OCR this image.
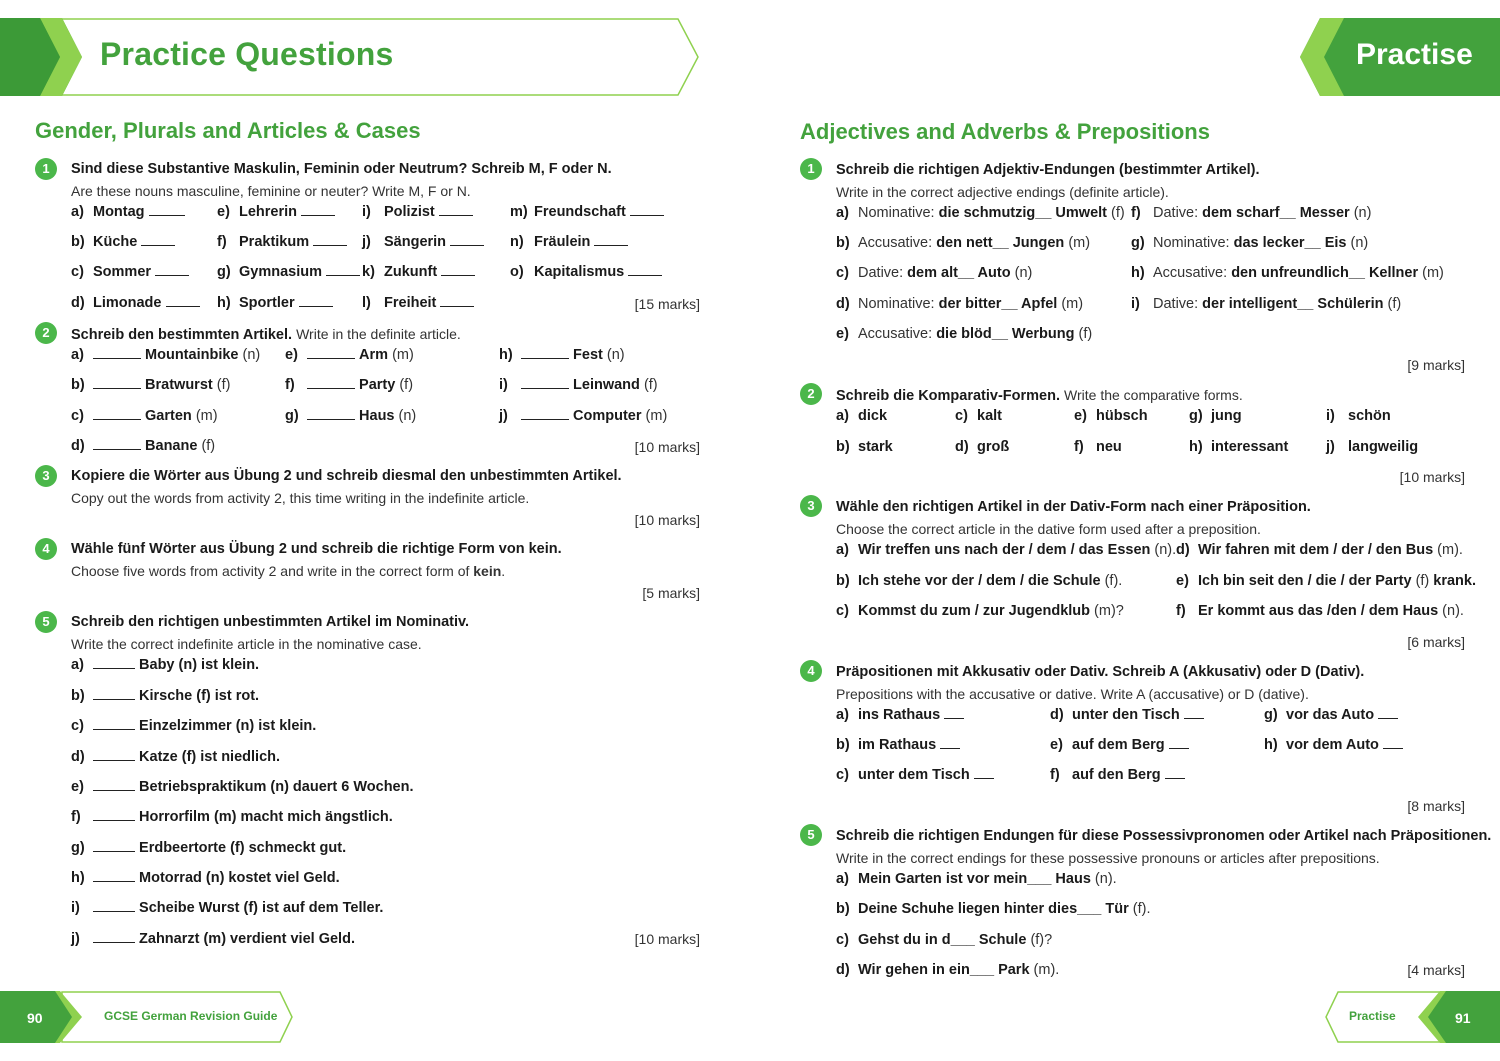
Practice Questions
Gender, Plurals and Articles & Cases
1	Sind diese Substantive Maskulin, Feminin oder Neutrum? Schreib M, F oder N.
Are these nouns masculine, feminine or neuter? Write M, F or N.
a) Montag	e) Lehrerin	i) Polizist	m) Freundschaft
b) Küche	f) Praktikum	j) Sängerin	n) Fräulein
c) Sommer	g) Gymnasium	k) Zukunft	o) Kapitalismus
d) Limonade	h) Sportler	l) Freiheit	[15 marks]
2	Schreib den bestimmten Artikel. Write in the definite article.
a)	Mountainbike (n) e)	Arm (m)	h)	Fest (n)
b)	Bratwurst (f)	f)	Party (f)	i)	Leinwand (f)
c)	Garten (m)	g)	Haus (n)	j)	Computer (m)
d)	Banane (f)	[10 marks]
3	Kopiere die Wörter aus Übung 2 und schreib diesmal den unbestimmten Artikel.
Copy out the words from activity 2, this time writing in the indefinite article.
[10 marks]
4	Wähle fünf Wörter aus Übung 2 und schreib die richtige Form von kein.
Choose five words from activity 2 and write in the correct form of kein.
[5 marks]
5	Schreib den richtigen unbestimmten Artikel im Nominativ.
Write the correct indefinite article in the nominative case.
a)	Baby (n) ist klein.
b)	Kirsche (f) ist rot.
c)	Einzelzimmer (n) ist klein.
d)	Katze (f) ist niedlich.
e)	Betriebspraktikum (n) dauert 6 Wochen.
f)	Horrorfilm (m) macht mich ängstlich.
g)	Erdbeertorte (f) schmeckt gut.
h)	Motorrad (n) kostet viel Geld.
i)	Scheibe Wurst (f) ist auf dem Teller.
j)	Zahnarzt (m) verdient viel Geld.	[10 marks]
90	GCSE German Revision Guide
Practise
Adjectives and Adverbs & Prepositions
1	Schreib die richtigen Adjektiv-Endungen (bestimmter Artikel).
Write in the correct adjective endings (definite article).
a) Nominative: die schmutzig__ Umwelt (f) f) Dative: dem scharf__ Messer (n)
b) Accusative: den nett__ Jungen (m)	g) Nominative: das lecker__ Eis (n)
c) Dative: dem alt__ Auto (n)	h) Accusative: den unfreundlich__ Kellner (m)
d) Nominative: der bitter__ Apfel (m)	i) Dative: der intelligent__ Schülerin (f)
e) Accusative: die blöd__ Werbung (f)
[9 marks]
2	Schreib die Komparativ-Formen. Write the comparative forms.
a) dick	c) kalt	e) hübsch	g) jung	i) schön
b) stark	d) groß	f) neu	h) interessant	j) langweilig
[10 marks]
3	Wähle den richtigen Artikel in der Dativ-Form nach einer Präposition.
Choose the correct article in the dative form used after a preposition.
a) Wir treffen uns nach der / dem / das Essen (n). d) Wir fahren mit dem / der / den Bus (m).
b) Ich stehe vor der / dem / die Schule (f).	e) Ich bin seit den / die / der Party (f) krank.
c) Kommst du zum / zur Jugendklub (m)?	f) Er kommt aus das /den / dem Haus (n).
[6 marks]
4	Präpositionen mit Akkusativ oder Dativ. Schreib A (Akkusativ) oder D (Dativ).
Prepositions with the accusative or dative. Write A (accusative) or D (dative).
a) ins Rathaus	d) unter den Tisch	g) vor das Auto
b) im Rathaus	e) auf dem Berg	h) vor dem Auto
c) unter dem Tisch	f) auf den Berg
[8 marks]
5	Schreib die richtigen Endungen für diese Possessivpronomen oder Artikel nach Präpositionen.
Write in the correct endings for these possessive pronouns or articles after prepositions.
a) Mein Garten ist vor mein___ Haus (n).
b) Deine Schuhe liegen hinter dies___ Tür (f).
c) Gehst du in d___ Schule (f)?
d) Wir gehen in ein___ Park (m).	[4 marks]
Practise	91
